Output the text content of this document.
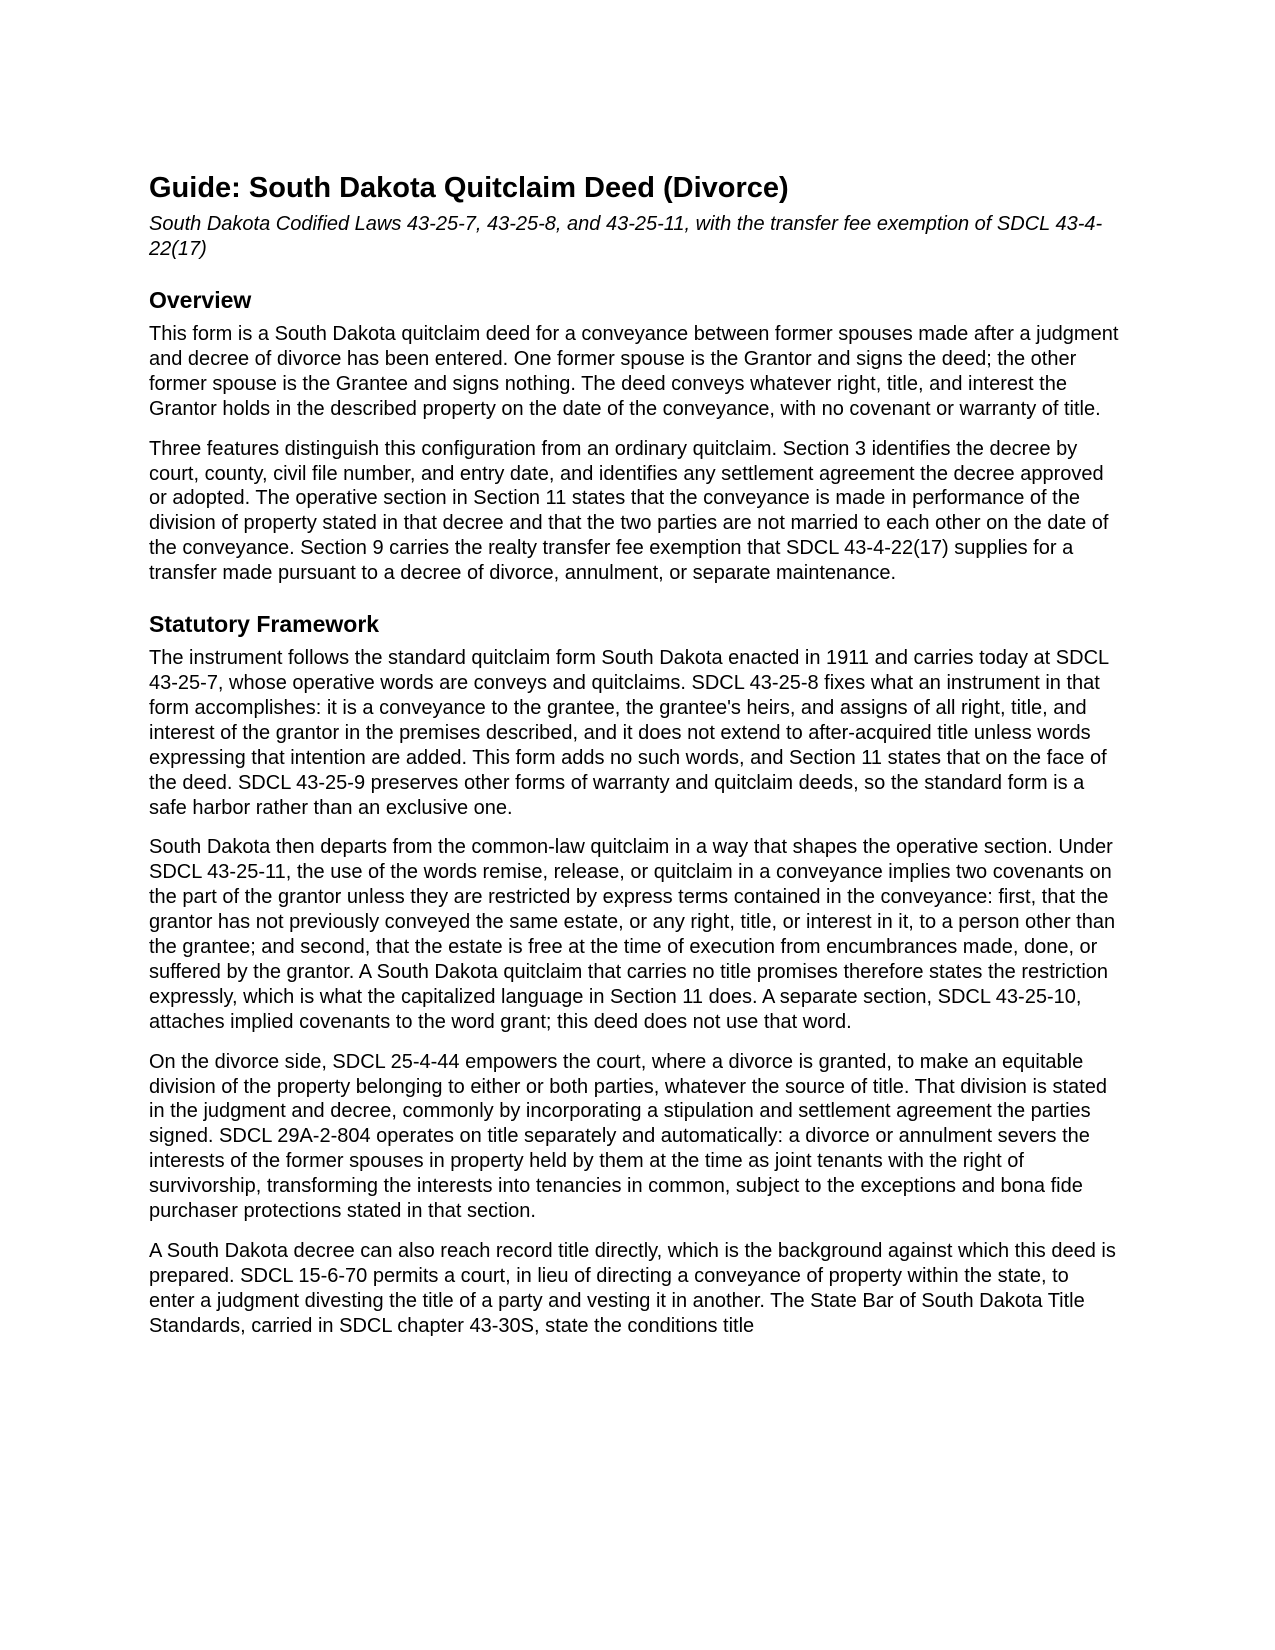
Guide: South Dakota Quitclaim Deed (Divorce)
South Dakota Codified Laws 43-25-7, 43-25-8, and 43-25-11, with the transfer fee exemption of SDCL 43-4-22(17)
Overview

This form is a South Dakota quitclaim deed for a conveyance between former spouses made after a judgment and decree of divorce has been entered. One former spouse is the Grantor and signs the deed; the other former spouse is the Grantee and signs nothing. The deed conveys whatever right, title, and interest the Grantor holds in the described property on the date of the conveyance, with no covenant or warranty of title.

Three features distinguish this configuration from an ordinary quitclaim. Section 3 identifies the decree by court, county, civil file number, and entry date, and identifies any settlement agreement the decree approved or adopted. The operative section in Section 11 states that the conveyance is made in performance of the division of property stated in that decree and that the two parties are not married to each other on the date of the conveyance. Section 9 carries the realty transfer fee exemption that SDCL 43-4-22(17) supplies for a transfer made pursuant to a decree of divorce, annulment, or separate maintenance.

Statutory Framework

The instrument follows the standard quitclaim form South Dakota enacted in 1911 and carries today at SDCL 43-25-7, whose operative words are conveys and quitclaims. SDCL 43-25-8 fixes what an instrument in that form accomplishes: it is a conveyance to the grantee, the grantee's heirs, and assigns of all right, title, and interest of the grantor in the premises described, and it does not extend to after-acquired title unless words expressing that intention are added. This form adds no such words, and Section 11 states that on the face of the deed. SDCL 43-25-9 preserves other forms of warranty and quitclaim deeds, so the standard form is a safe harbor rather than an exclusive one.

South Dakota then departs from the common-law quitclaim in a way that shapes the operative section. Under SDCL 43-25-11, the use of the words remise, release, or quitclaim in a conveyance implies two covenants on the part of the grantor unless they are restricted by express terms contained in the conveyance: first, that the grantor has not previously conveyed the same estate, or any right, title, or interest in it, to a person other than the grantee; and second, that the estate is free at the time of execution from encumbrances made, done, or suffered by the grantor. A South Dakota quitclaim that carries no title promises therefore states the restriction expressly, which is what the capitalized language in Section 11 does. A separate section, SDCL 43-25-10, attaches implied covenants to the word grant; this deed does not use that word.

On the divorce side, SDCL 25-4-44 empowers the court, where a divorce is granted, to make an equitable division of the property belonging to either or both parties, whatever the source of title. That division is stated in the judgment and decree, commonly by incorporating a stipulation and settlement agreement the parties signed. SDCL 29A-2-804 operates on title separately and automatically: a divorce or annulment severs the interests of the former spouses in property held by them at the time as joint tenants with the right of survivorship, transforming the interests into tenancies in common, subject to the exceptions and bona fide purchaser protections stated in that section.

A South Dakota decree can also reach record title directly, which is the background against which this deed is prepared. SDCL 15-6-70 permits a court, in lieu of directing a conveyance of property within the state, to enter a judgment divesting the title of a party and vesting it in another. The State Bar of South Dakota Title Standards, carried in SDCL chapter 43-30S, state the conditions title
